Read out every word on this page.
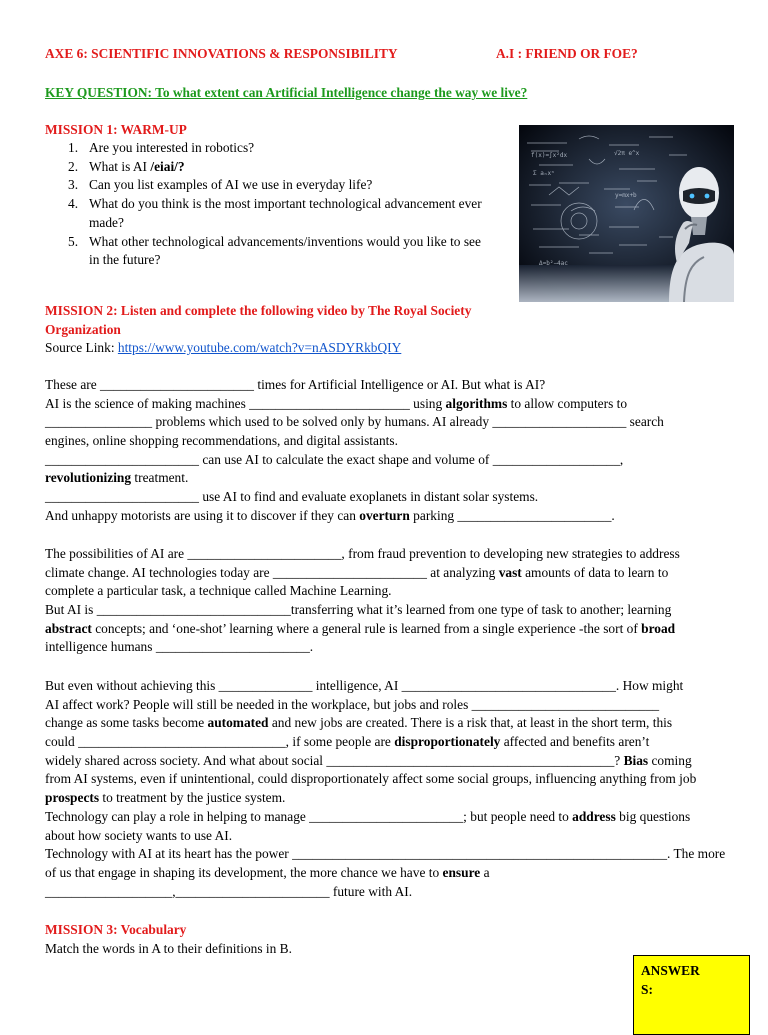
AXE 6: SCIENTIFIC INNOVATIONS & RESPONSIBILITY	A.I : FRIEND OR FOE?
KEY QUESTION: To what extent can Artificial Intelligence change the way we live?
MISSION 1: WARM-UP
1. Are you interested in robotics?
2. What is AI /eiai/?
3. Can you list examples of AI we use in everyday life?
4. What do you think is the most important technological advancement ever
made?
5. What other technological advancements/inventions would you like to see
in the future?
f(x)=∫x²dx	√2π e^x
Σ aₙxⁿ
y=mx+b
Δ=b²−4ac
MISSION 2: Listen and complete the following video by The Royal Society
Organization
Source Link: https://www.youtube.com/watch?v=nASDYRkbQIY
These are _______________________ times for Artificial Intelligence or AI. But what is AI?
AI is the science of making machines ________________________ using algorithms to allow computers to
________________ problems which used to be solved only by humans. AI already ____________________ search
engines, online shopping recommendations, and digital assistants.
_______________________ can use AI to calculate the exact shape and volume of ___________________,
revolutionizing treatment.
_______________________ use AI to find and evaluate exoplanets in distant solar systems.
And unhappy motorists are using it to discover if they can overturn parking _______________________.
The possibilities of AI are _______________________, from fraud prevention to developing new strategies to address
climate change. AI technologies today are _______________________ at analyzing vast amounts of data to learn to
complete a particular task, a technique called Machine Learning.
But AI is _____________________________transferring what it’s learned from one type of task to another; learning
abstract concepts; and ‘one-shot’ learning where a general rule is learned from a single experience -the sort of broad
intelligence humans _______________________.
But even without achieving this ______________ intelligence, AI ________________________________. How might
AI affect work? People will still be needed in the workplace, but jobs and roles ____________________________
change as some tasks become automated and new jobs are created. There is a risk that, at least in the short term, this
could _______________________________, if some people are disproportionately affected and benefits aren’t
widely shared across society. And what about social ___________________________________________? Bias coming
from AI systems, even if unintentional, could disproportionately affect some social groups, influencing anything from job
prospects to treatment by the justice system.
Technology can play a role in helping to manage _______________________; but people need to address big questions
about how society wants to use AI.
Technology with AI at its heart has the power ________________________________________________________. The more
of us that engage in shaping its development, the more chance we have to ensure a
___________________,_______________________ future with AI.
MISSION 3: Vocabulary
Match the words in A to their definitions in B.
ANSWER
S:
